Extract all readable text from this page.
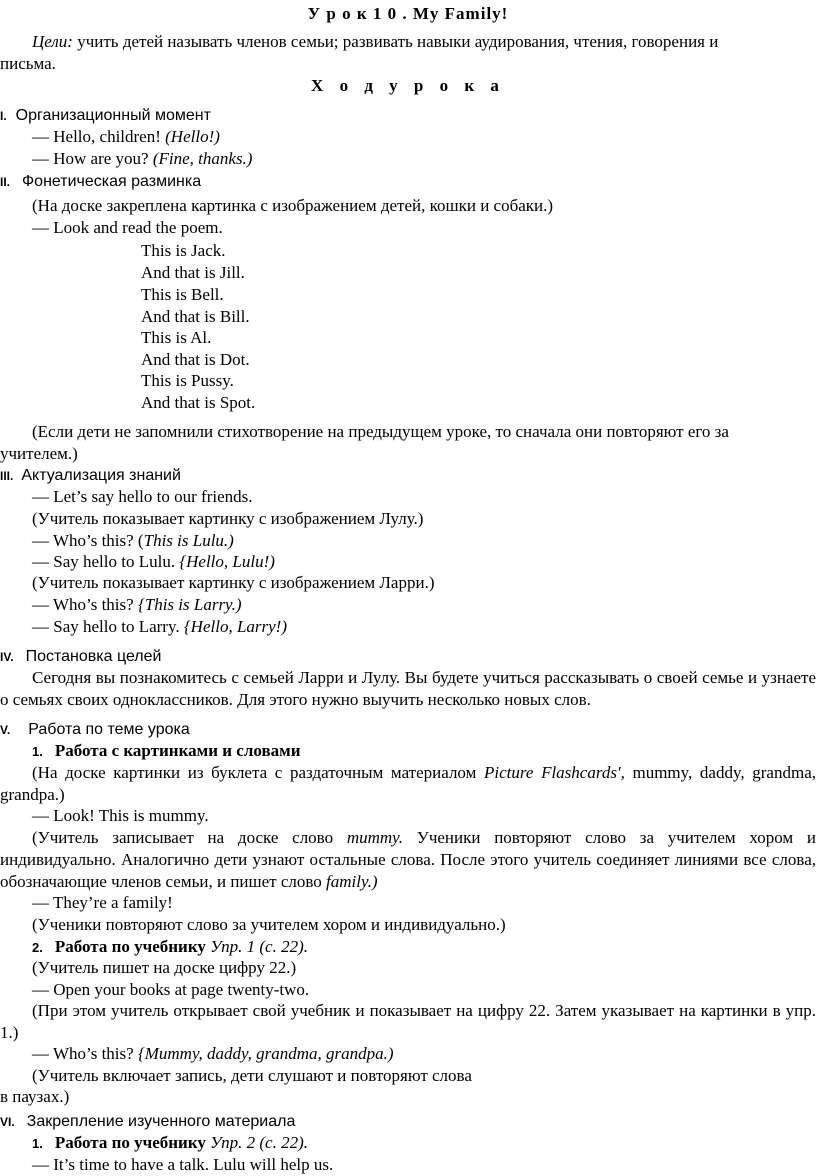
У р о к 1 0 . My Family!
Цели: учить детей называть членов семьи; развивать навыки аудирования, чтения, говорения и
письма.
Х о д у р о к а
I. Организационный момент
— Hello, children! (Hello!)
— How are you? (Fine, thanks.)
II. Фонетическая разминка
(На доске закреплена картинка с изображением детей, кошки и собаки.)
— Look and read the poem.
This is Jack.
And that is Jill.
This is Bell.
And that is Bill.
This is Al.
And that is Dot.
This is Pussy.
And that is Spot.
(Если дети не запомнили стихотворение на предыдущем уроке, то сначала они повторяют его за
учителем.)
III. Актуализация знаний
— Let’s say hello to our friends.
(Учитель показывает картинку с изображением Лулу.)
— Who’s this? (This is Lulu.)
— Say hello to Lulu. {Hello, Lulu!)
(Учитель показывает картинку с изображением Ларри.)
— Who’s this? {This is Larry.)
— Say hello to Larry. {Hello, Larry!)
IV. Постановка целей
Сегодня вы познакомитесь с семьей Ларри и Лулу. Вы будете учиться рассказывать о своей семье и узнаете о семьях своих одноклассников. Для этого нужно выучить несколько новых слов.
V. Работа по теме урока
1. Работа с картинками и словами
(На доске картинки из буклета с раздаточным материалом Picture Flashcards', mummy, daddy, grandma, grandpa.)
— Look! This is mummy.
(Учитель записывает на доске слово mummy. Ученики повторяют слово за учителем хором и индивидуально. Аналогично дети узнают остальные слова. После этого учитель соединяет линиями все слова, обозначающие членов семьи, и пишет слово family.)
— They’re a family!
(Ученики повторяют слово за учителем хором и индивидуально.)
2. Работа по учебнику Упр. 1 (с. 22).
(Учитель пишет на доске цифру 22.)
— Open your books at page twenty-two.
(При этом учитель открывает свой учебник и показывает на цифру 22. Затем указывает на картинки в упр. 1.)
— Who’s this? {Mummy, daddy, grandma, grandpa.)
(Учитель включает запись, дети слушают и повторяют слова
в паузах.)
VI. Закрепление изученного материала
1. Работа по учебнику Упр. 2 (с. 22).
— It’s time to have a talk. Lulu will help us.
